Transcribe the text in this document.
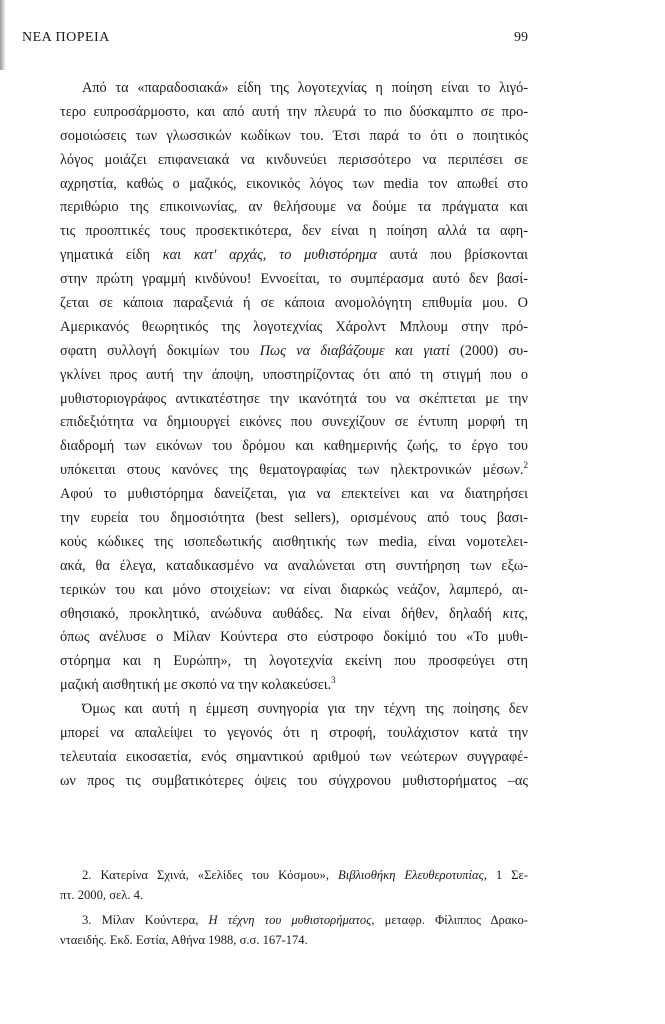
ΝΕΑ ΠΟΡΕΙΑ	99
Από τα «παραδοσιακά» είδη της λογοτεχνίας η ποίηση είναι το λιγό-
τερο ευπροσάρμοστο, και από αυτή την πλευρά το πιο δύσκαμπτο σε προ-
σομοιώσεις των γλωσσικών κωδίκων του. Έτσι παρά το ότι ο ποιητικός
λόγος μοιάζει επιφανειακά να κινδυνεύει περισσότερο να περιπέσει σε
αχρηστία, καθώς ο μαζικός, εικονικός λόγος των media τον απωθεί στο
περιθώριο της επικοινωνίας, αν θελήσουμε να δούμε τα πράγματα και
τις προοπτικές τους προσεκτικότερα, δεν είναι η ποίηση αλλά τα αφη-
γηματικά είδη και κατ' αρχάς, το μυθιστόρημα αυτά που βρίσκονται
στην πρώτη γραμμή κινδύνου! Εννοείται, το συμπέρασμα αυτό δεν βασί-
ζεται σε κάποια παραξενιά ή σε κάποια ανομολόγητη επιθυμία μου. Ο
Αμερικανός θεωρητικός της λογοτεχνίας Χάρολντ Μπλουμ στην πρό-
σφατη συλλογή δοκιμίων του Πως να διαβάζουμε και γιατί (2000) συ-
γκλίνει προς αυτή την άποψη, υποστηρίζοντας ότι από τη στιγμή που ο
μυθιστοριογράφος αντικατέστησε την ικανότητά του να σκέπτεται με την
επιδεξιότητα να δημιουργεί εικόνες που συνεχίζουν σε έντυπη μορφή τη
διαδρομή των εικόνων του δρόμου και καθημερινής ζωής, το έργο του
υπόκειται στους κανόνες της θεματογραφίας των ηλεκτρονικών μέσων.$^2$
Αφού το μυθιστόρημα δανείζεται, για να επεκτείνει και να διατηρήσει
την ευρεία του δημοσιότητα (best sellers), ορισμένους από τους βασι-
κούς κώδικες της ισοπεδωτικής αισθητικής των media, είναι νομοτελει-
ακά, θα έλεγα, καταδικασμένο να αναλώνεται στη συντήρηση των εξω-
τερικών του και μόνο στοιχείων: να είναι διαρκώς νεάζον, λαμπερό, αι-
σθησιακό, προκλητικό, ανώδυνα αυθάδες. Να είναι δήθεν, δηλαδή κιτς,
όπως ανέλυσε ο Μίλαν Κούντερα στο εύστροφο δοκίμιό του «Το μυθι-
στόρημα και η Ευρώπη», τη λογοτεχνία εκείνη που προσφεύγει στη
μαζική αισθητική με σκοπό να την κολακεύσει.$^3$
Όμως και αυτή η έμμεση συνηγορία για την τέχνη της ποίησης δεν
μπορεί να απαλείψει το γεγονός ότι η στροφή, τουλάχιστον κατά την
τελευταία εικοσαετία, ενός σημαντικού αριθμού των νεώτερων συγγραφέ-
ων προς τις συμβατικότερες όψεις του σύγχρονου μυθιστορήματος –ας
2. Κατερίνα Σχινά, «Σελίδες του Κόσμου», Βιβλιοθήκη Ελευθεροτυπίας, 1 Σε-
πτ. 2000, σελ. 4.
3. Μίλαν Κούντερα, Η τέχνη του μυθιστορήματος, μεταφρ. Φίλιππος Δρακο-
νταειδής. Εκδ. Εστία, Αθήνα 1988, σ.σ. 167-174.
